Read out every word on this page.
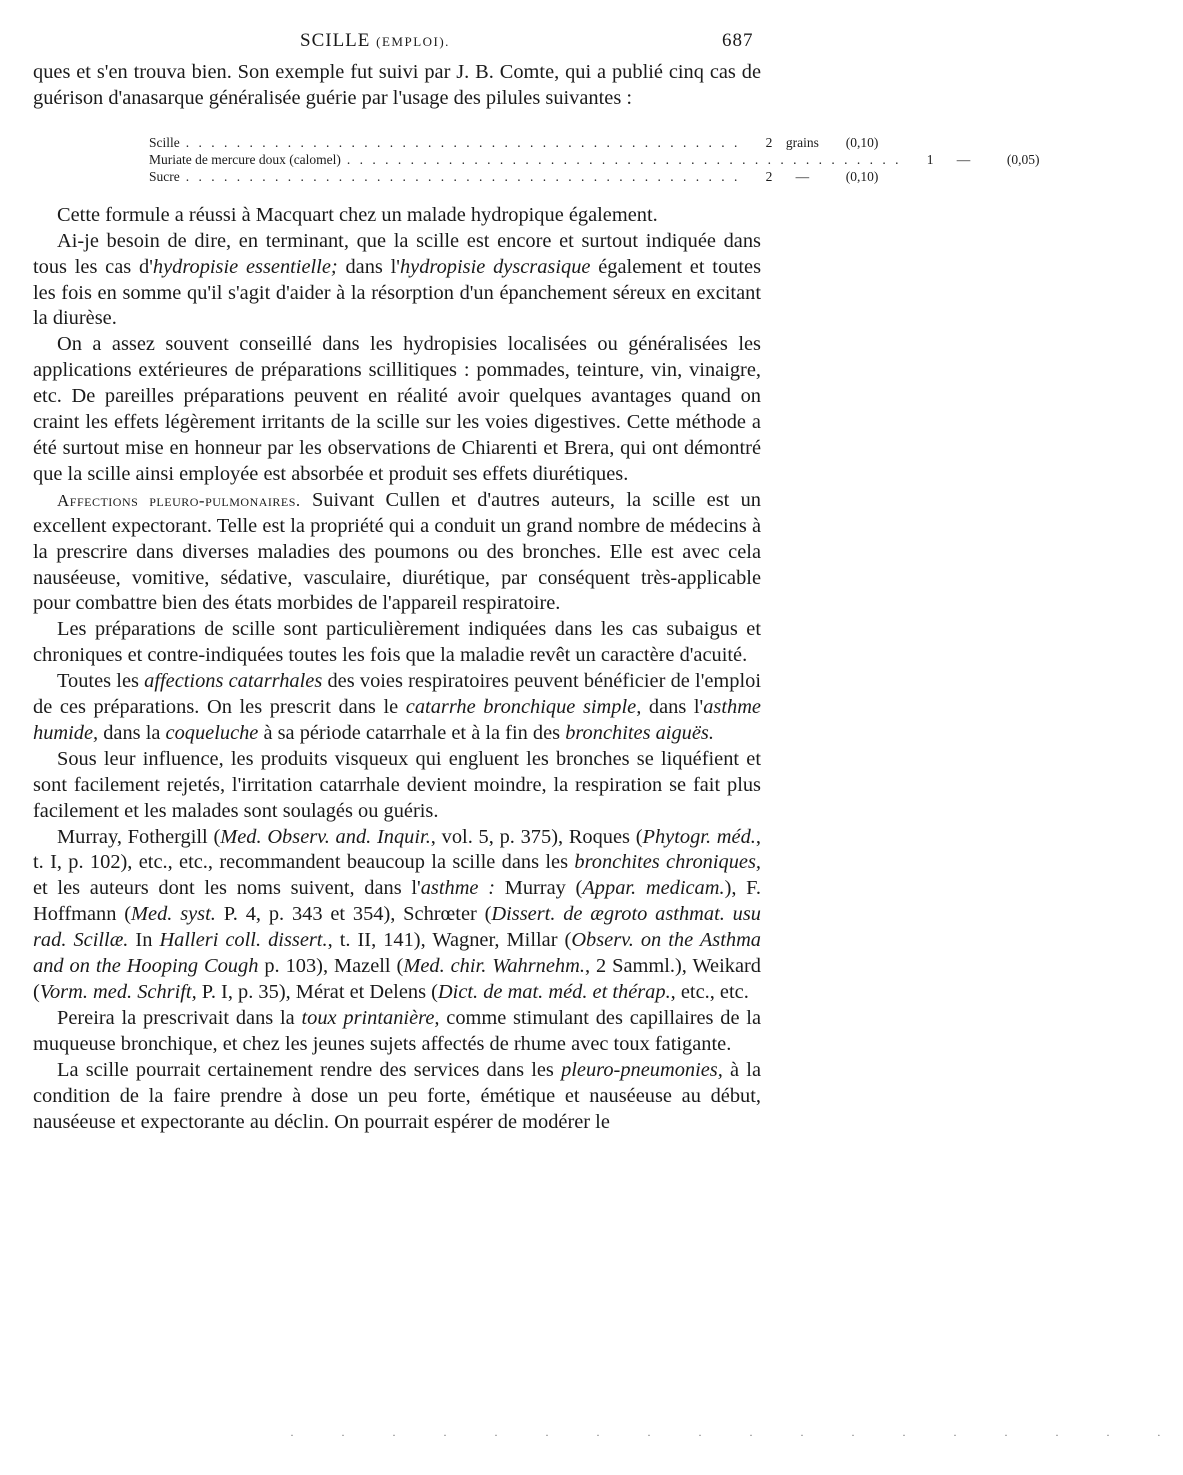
SCILLE (EMPLOI).	687

ques et s'en trouva bien. Son exemple fut suivi par J. B. Comte, qui a publié cinq cas de guérison d'anasarque généralisée guérie par l'usage des pilules suivantes :

Scille . . .	2	grains	(0,10)
Muriate de mercure doux (calomel) . . .	1	—	(0,05)
Sucre . . .	2	—	(0,10)

Cette formule a réussi à Macquart chez un malade hydropique également.

Ai-je besoin de dire, en terminant, que la scille est encore et surtout indiquée dans tous les cas d'hydropisie essentielle; dans l'hydropisie dyscrasique également et toutes les fois en somme qu'il s'agit d'aider à la résorption d'un épanchement séreux en excitant la diurèse.

On a assez souvent conseillé dans les hydropisies localisées ou généralisées les applications extérieures de préparations scillitiques : pommades, teinture, vin, vinaigre, etc. De pareilles préparations peuvent en réalité avoir quelques avantages quand on craint les effets légèrement irritants de la scille sur les voies digestives. Cette méthode a été surtout mise en honneur par les observations de Chiarenti et Brera, qui ont démontré que la scille ainsi employée est absorbée et produit ses effets diurétiques.

Affections pleuro-pulmonaires. Suivant Cullen et d'autres auteurs, la scille est un excellent expectorant. Telle est la propriété qui a conduit un grand nombre de médecins à la prescrire dans diverses maladies des poumons ou des bronches. Elle est avec cela nauséeuse, vomitive, sédative, vasculaire, diurétique, par conséquent très-applicable pour combattre bien des états morbides de l'appareil respiratoire.

Les préparations de scille sont particulièrement indiquées dans les cas subaigus et chroniques et contre-indiquées toutes les fois que la maladie revêt un caractère d'acuité.

Toutes les affections catarrhales des voies respiratoires peuvent bénéficier de l'emploi de ces préparations. On les prescrit dans le catarrhe bronchique simple, dans l'asthme humide, dans la coqueluche à sa période catarrhale et à la fin des bronchites aiguës.

Sous leur influence, les produits visqueux qui engluent les bronches se liquéfient et sont facilement rejetés, l'irritation catarrhale devient moindre, la respiration se fait plus facilement et les malades sont soulagés ou guéris.

Murray, Fothergill (Med. Observ. and. Inquir., vol. 5, p. 375), Roques (Phytogr. méd., t. I, p. 102), etc., etc., recommandent beaucoup la scille dans les bronchites chroniques, et les auteurs dont les noms suivent, dans l'asthme : Murray (Appar. medicam.), F. Hoffmann (Med. syst. P. 4, p. 343 et 354), Schrœter (Dissert. de ægroto asthmat. usu rad. Scillæ. In Halleri coll. dissert., t. II, 141), Wagner, Millar (Observ. on the Asthma and on the Hooping Cough p. 103), Mazell (Med. chir. Wahrnehm., 2 Samml.), Weikard (Vorm. med. Schrift, P. I, p. 35), Mérat et Delens (Dict. de mat. méd. et thérap., etc., etc.

Pereira la prescrivait dans la toux printanière, comme stimulant des capillaires de la muqueuse bronchique, et chez les jeunes sujets affectés de rhume avec toux fatigante.

La scille pourrait certainement rendre des services dans les pleuro-pneumonies, à la condition de la faire prendre à dose un peu forte, émétique et nauséeuse au début, nauséeuse et expectorante au déclin. On pourrait espérer de modérer le

· · · · · · · · · · · · · · · · · ·
